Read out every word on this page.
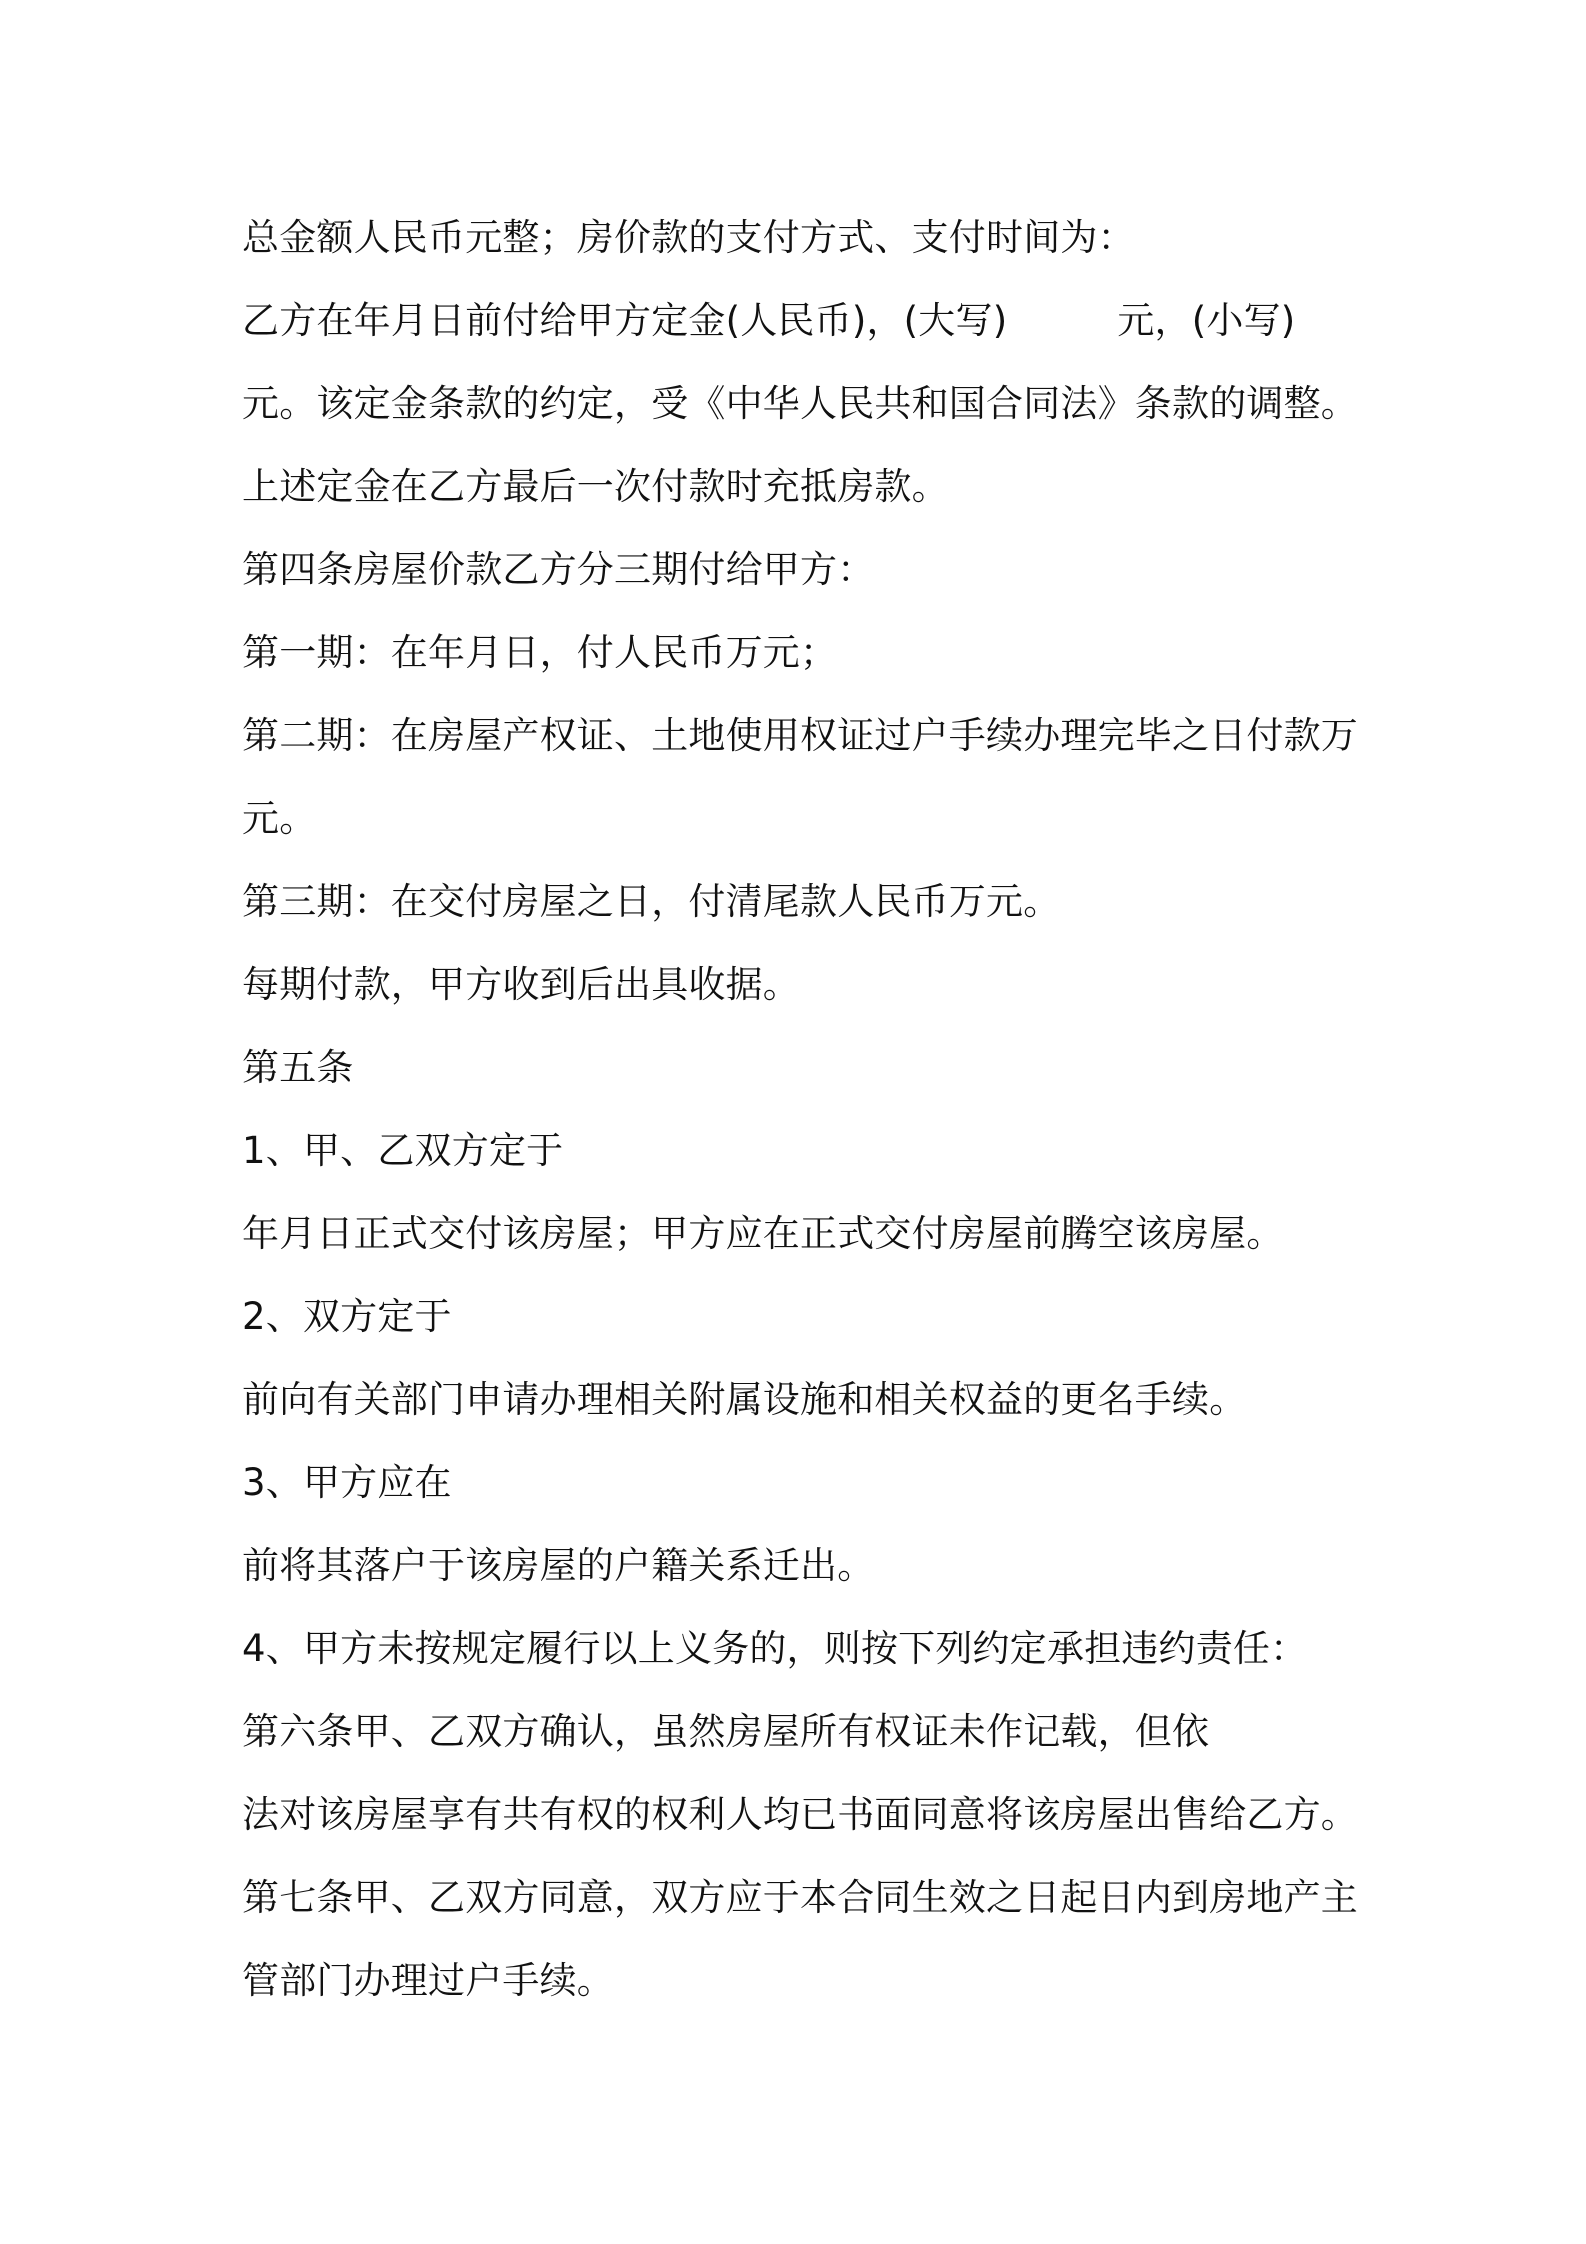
总金额人民币元整；房价款的支付方式、支付时间为：
乙方在年月日前付给甲方定金(人民币)，(大写)	元，(小写)
元。该定金条款的约定，受《中华人民共和国合同法》条款的调整。
上述定金在乙方最后一次付款时充抵房款。
第四条房屋价款乙方分三期付给甲方：
第一期：在年月日，付人民币万元；
第二期：在房屋产权证、土地使用权证过户手续办理完毕之日付款万
元。
第三期：在交付房屋之日，付清尾款人民币万元。
每期付款，甲方收到后出具收据。
第五条
1、甲、乙双方定于
年月日正式交付该房屋；甲方应在正式交付房屋前腾空该房屋。
2、双方定于
前向有关部门申请办理相关附属设施和相关权益的更名手续。
3、甲方应在
前将其落户于该房屋的户籍关系迁出。
4、甲方未按规定履行以上义务的，则按下列约定承担违约责任：
第六条甲、乙双方确认，虽然房屋所有权证未作记载，但依
法对该房屋享有共有权的权利人均已书面同意将该房屋出售给乙方。
第七条甲、乙双方同意，双方应于本合同生效之日起日内到房地产主
管部门办理过户手续。
